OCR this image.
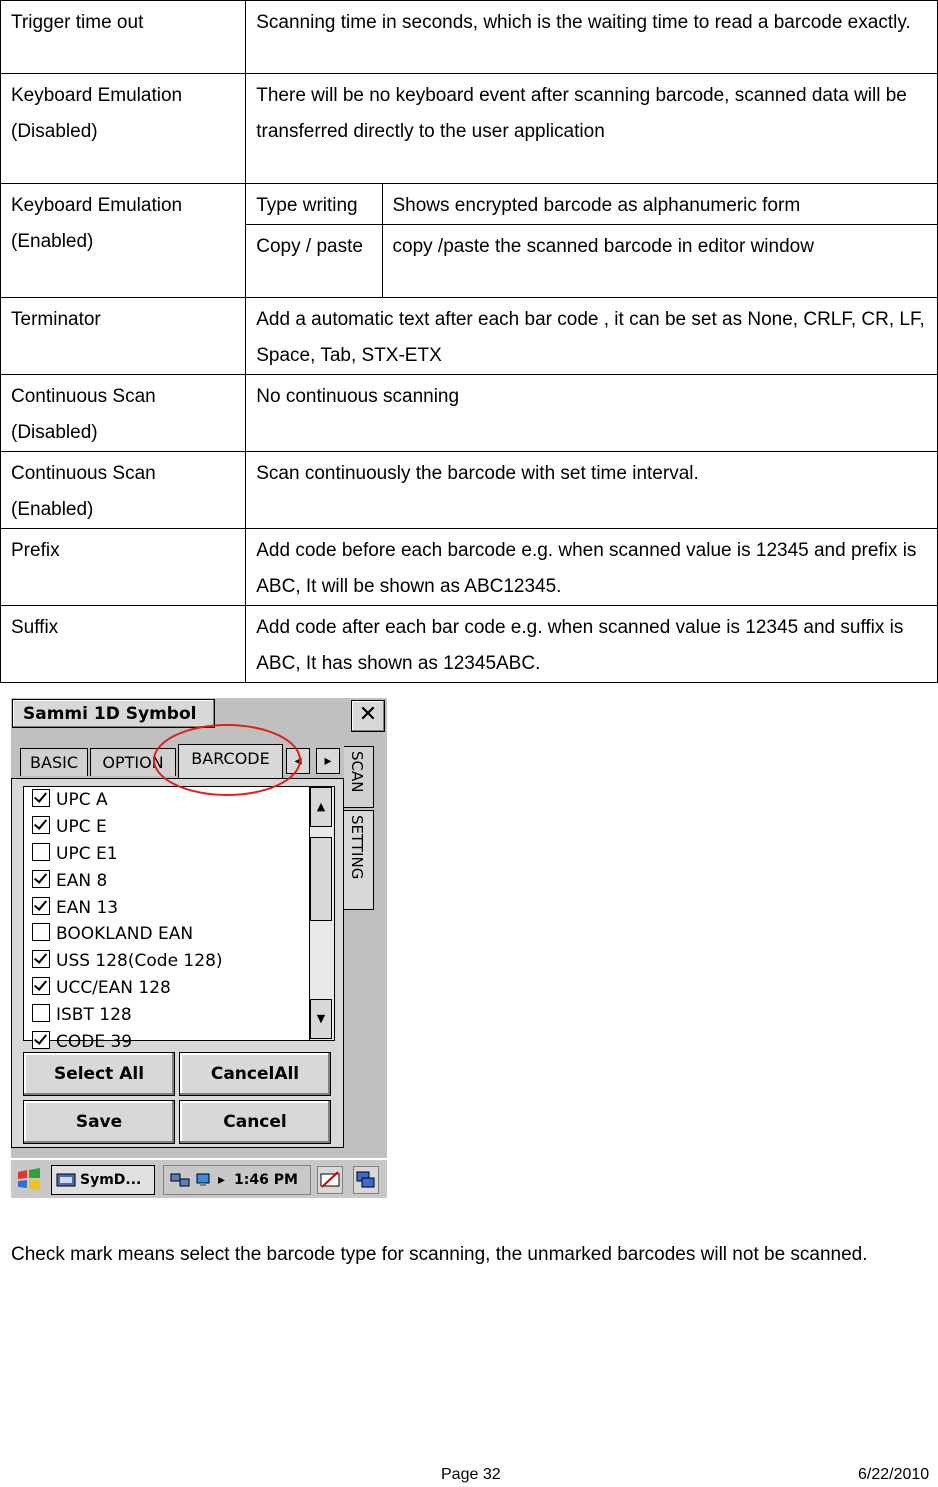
Trigger time out	Scanning time in seconds, which is the waiting time to read a barcode exactly.	
Keyboard Emulation (Disabled)	There will be no keyboard event after scanning barcode, scanned data will be transferred directly to the user application	
Keyboard Emulation (Enabled)	Type writing	Shows encrypted barcode as alphanumeric form
	Copy / paste	copy /paste the scanned barcode in editor window
Terminator	Add a automatic text after each bar code , it can be set as None, CRLF, CR, LF, Space, Tab, STX-ETX	
Continuous Scan (Disabled)	No continuous scanning	
Continuous Scan (Enabled)	Scan continuously the barcode with set time interval.	
Prefix	Add code before each barcode e.g. when scanned value is 12345 and prefix is ABC, It will be shown as ABC12345.	
Suffix	Add code after each bar code e.g. when scanned value is 12345 and suffix is ABC, It has shown as 12345ABC.	
Sammi 1D Symbol	✕
BASIC	OPTION	BARCODE	◂	▸	SCAN
SETTING
UPC A
UPC E
UPC E1
EAN 8
EAN 13
BOOKLAND EAN
USS 128(Code 128)
UCC/EAN 128
ISBT 128
CODE 39
▲
▼
Select All	CancelAll
Save	Cancel
SymD...	▸ 1:46 PM
Check mark means select the barcode type for scanning, the unmarked barcodes will not be scanned.
Page 32	6/22/2010
